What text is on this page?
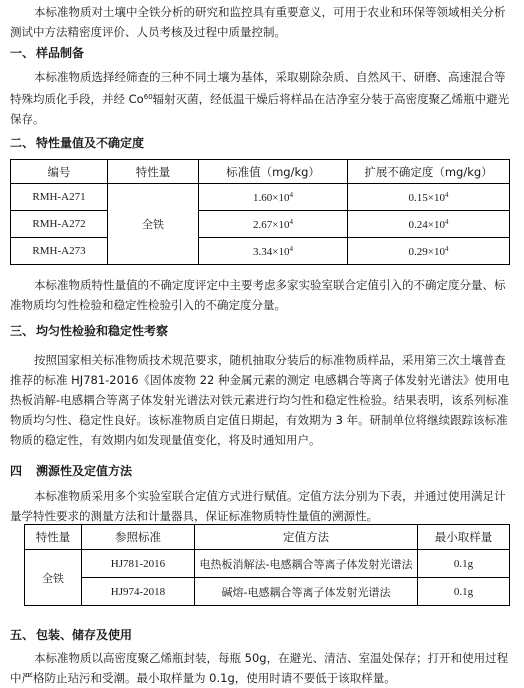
本标准物质对土壤中全铁分析的研究和监控具有重要意义，可用于农业和环保等领域相关分析测试中方法精密度评价、人员考核及过程中质量控制。

一、 样品制备

本标准物质选择经筛查的三种不同土壤为基体，采取剔除杂质、自然风干、研磨、高速混合等特殊均质化手段，并经 Co$^{60}$辐射灭菌，经低温干燥后将样品在洁净室分装于高密度聚乙烯瓶中避光保存。

二、 特性量值及不确定度
编号	特性量	标准值（mg/kg）	扩展不确定度（mg/kg）
RMH-A271	全铁	$1.60\times 10^4$	$0.15\times 10^4$
RMH-A272		$2.67\times 10^4$	$0.24\times 10^4$
RMH-A273		$3.34\times 10^4$	$0.29\times 10^4$

本标准物质特性量值的不确定度评定中主要考虑多家实验室联合定值引入的不确定度分量、标准物质均匀性检验和稳定性检验引入的不确定度分量。

三、 均匀性检验和稳定性考察

按照国家相关标准物质技术规范要求，随机抽取分装后的标准物质样品，采用第三次土壤普查推荐的标准 HJ781-2016《固体废物 22 种金属元素的测定 电感耦合等离子体发射光谱法》使用电热板消解-电感耦合等离子体发射光谱法对铁元素进行均匀性和稳定性检验。结果表明，该系列标准物质均匀性、稳定性良好。该标准物质自定值日期起，有效期为 3 年。研制单位将继续跟踪该标准物质的稳定性，有效期内如发现量值变化，将及时通知用户。

四 溯源性及定值方法

本标准物质采用多个实验室联合定值方式进行赋值。定值方法分别为下表，并通过使用满足计量学特性要求的测量方法和计量器具，保证标准物质特性量值的溯源性。

特性量	参照标准	定值方法	最小取样量
全铁	HJ781-2016	电热板消解法-电感耦合等离子体发射光谱法	0.1g
	HJ974-2018	碱熔-电感耦合等离子体发射光谱法	0.1g
五、 包装、储存及使用

本标准物质以高密度聚乙烯瓶封装，每瓶 50g，在避光、清洁、室温处保存；打开和使用过程中严格防止玷污和受潮。最小取样量为 0.1g，使用时请不要低于该取样量。
